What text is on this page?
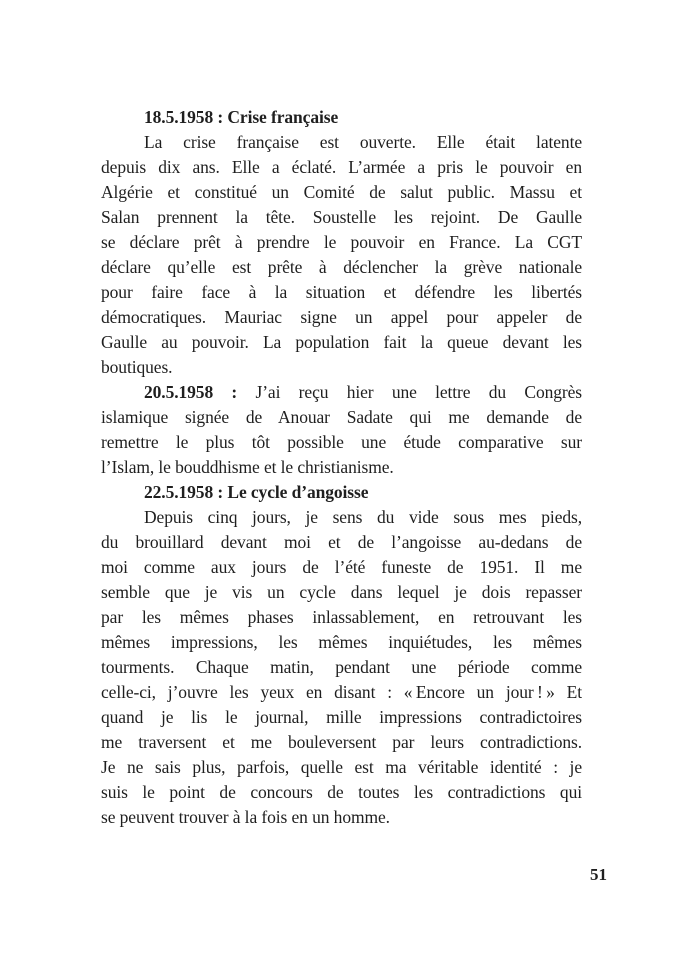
18.5.1958 : Crise française
La crise française est ouverte. Elle était latente
depuis dix ans. Elle a éclaté. L’armée a pris le pouvoir en
Algérie et constitué un Comité de salut public. Massu et
Salan prennent la tête. Soustelle les rejoint. De Gaulle
se déclare prêt à prendre le pouvoir en France. La CGT
déclare qu’elle est prête à déclencher la grève nationale
pour faire face à la situation et défendre les libertés
démocratiques. Mauriac signe un appel pour appeler de
Gaulle au pouvoir. La population fait la queue devant les
boutiques.
20.5.1958 : J’ai reçu hier une lettre du Congrès
islamique signée de Anouar Sadate qui me demande de
remettre le plus tôt possible une étude comparative sur
l’Islam, le bouddhisme et le christianisme.
22.5.1958 : Le cycle d’angoisse
Depuis cinq jours, je sens du vide sous mes pieds,
du brouillard devant moi et de l’angoisse au-dedans de
moi comme aux jours de l’été funeste de 1951. Il me
semble que je vis un cycle dans lequel je dois repasser
par les mêmes phases inlassablement, en retrouvant les
mêmes impressions, les mêmes inquiétudes, les mêmes
tourments. Chaque matin, pendant une période comme
celle-ci, j’ouvre les yeux en disant : « Encore un jour ! » Et
quand je lis le journal, mille impressions contradictoires
me traversent et me bouleversent par leurs contradictions.
Je ne sais plus, parfois, quelle est ma véritable identité : je
suis le point de concours de toutes les contradictions qui
se peuvent trouver à la fois en un homme.
51
